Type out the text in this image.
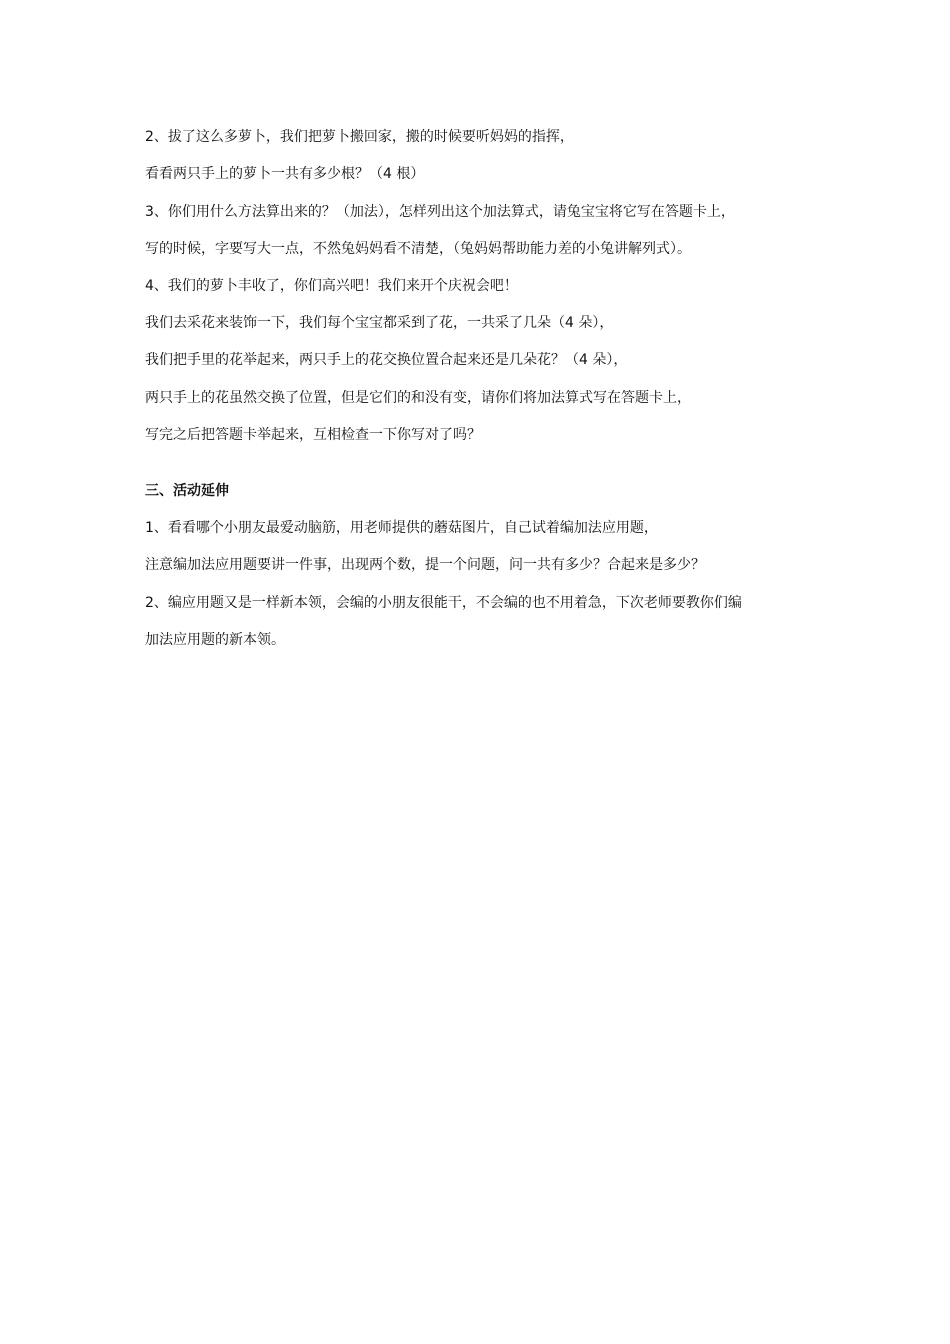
2、拔了这么多萝卜，我们把萝卜搬回家，搬的时候要听妈妈的指挥，
看看两只手上的萝卜一共有多少根？（4 根）
3、你们用什么方法算出来的？（加法），怎样列出这个加法算式，请兔宝宝将它写在答题卡上，
写的时候，字要写大一点，不然兔妈妈看不清楚，（兔妈妈帮助能力差的小兔讲解列式）。
4、我们的萝卜丰收了，你们高兴吧！我们来开个庆祝会吧！
我们去采花来装饰一下，我们每个宝宝都采到了花，一共采了几朵（4 朵），
我们把手里的花举起来，两只手上的花交换位置合起来还是几朵花？（4 朵），
两只手上的花虽然交换了位置，但是它们的和没有变，请你们将加法算式写在答题卡上，
写完之后把答题卡举起来，互相检查一下你写对了吗？
三、活动延伸
1、看看哪个小朋友最爱动脑筋，用老师提供的蘑菇图片，自己试着编加法应用题，
注意编加法应用题要讲一件事，出现两个数，提一个问题，问一共有多少？合起来是多少？
2、编应用题又是一样新本领，会编的小朋友很能干，不会编的也不用着急，下次老师要教你们编
加法应用题的新本领。
